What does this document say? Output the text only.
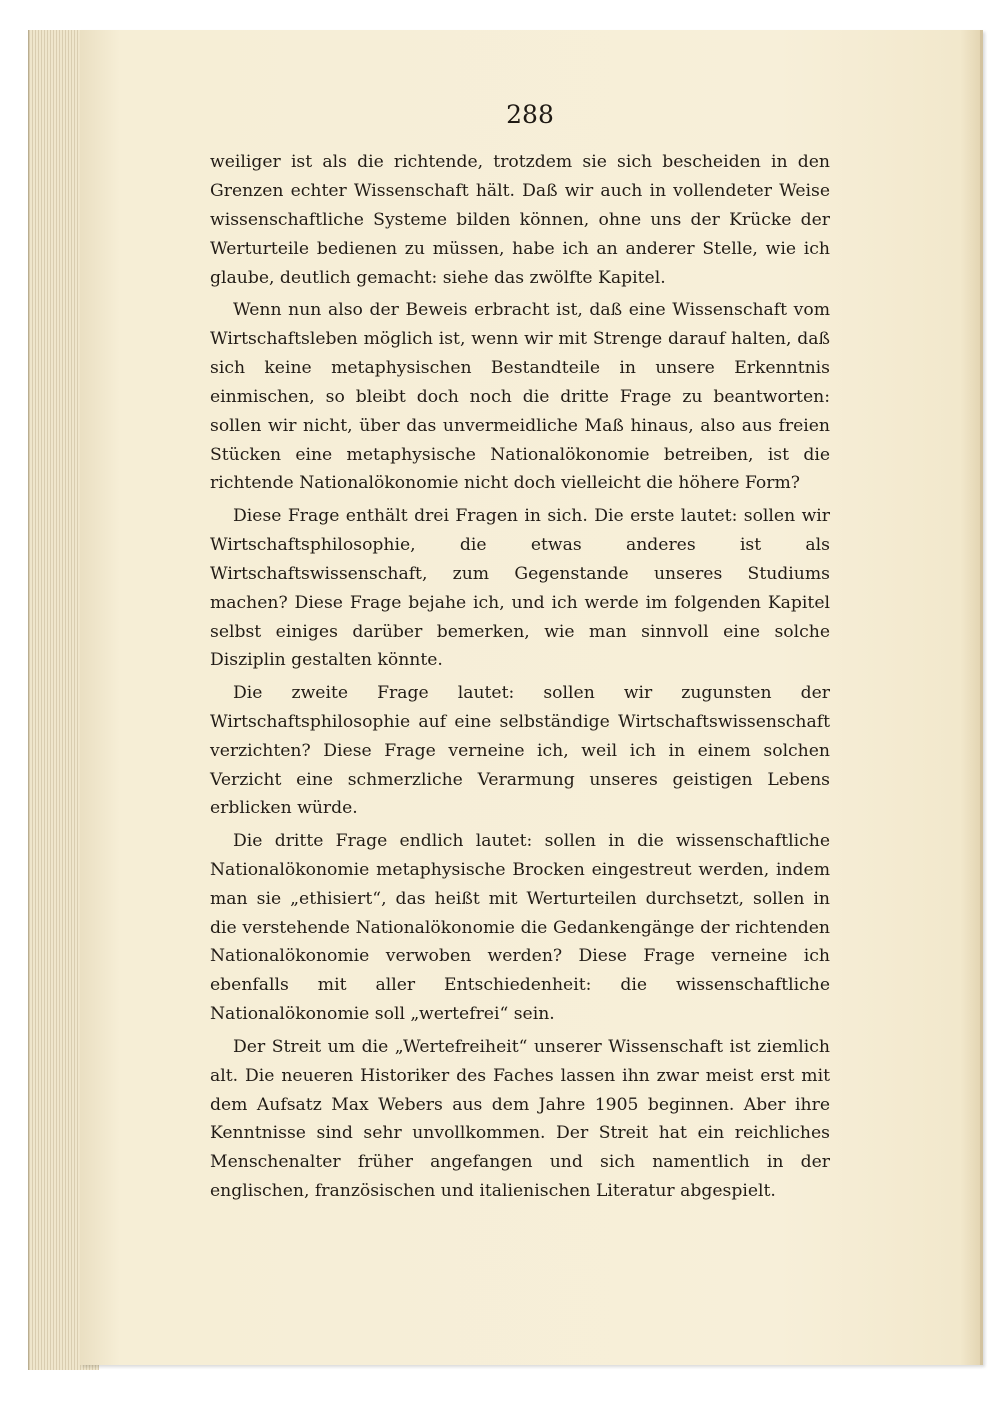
288

weiliger ist als die richtende, trotzdem sie sich bescheiden in den Grenzen echter Wissenschaft hält. Daß wir auch in vollendeter Weise wissenschaftliche Systeme bilden können, ohne uns der Krücke der Werturteile bedienen zu müssen, habe ich an anderer Stelle, wie ich glaube, deutlich gemacht: siehe das zwölfte Kapitel.

Wenn nun also der Beweis erbracht ist, daß eine Wissenschaft vom Wirtschaftsleben möglich ist, wenn wir mit Strenge darauf halten, daß sich keine metaphysischen Bestandteile in unsere Erkenntnis einmischen, so bleibt doch noch die dritte Frage zu beantworten: sollen wir nicht, über das unvermeidliche Maß hinaus, also aus freien Stücken eine metaphysische Nationalökonomie betreiben, ist die richtende Nationalökonomie nicht doch vielleicht die höhere Form?

Diese Frage enthält drei Fragen in sich. Die erste lautet: sollen wir Wirtschaftsphilosophie, die etwas anderes ist als Wirtschaftswissenschaft, zum Gegenstande unseres Studiums machen? Diese Frage bejahe ich, und ich werde im folgenden Kapitel selbst einiges darüber bemerken, wie man sinnvoll eine solche Disziplin gestalten könnte.

Die zweite Frage lautet: sollen wir zugunsten der Wirtschaftsphilosophie auf eine selbständige Wirtschaftswissenschaft verzichten? Diese Frage verneine ich, weil ich in einem solchen Verzicht eine schmerzliche Verarmung unseres geistigen Lebens erblicken würde.

Die dritte Frage endlich lautet: sollen in die wissenschaftliche Nationalökonomie metaphysische Brocken eingestreut werden, indem man sie „ethisiert“, das heißt mit Werturteilen durchsetzt, sollen in die verstehende Nationalökonomie die Gedankengänge der richtenden Nationalökonomie verwoben werden? Diese Frage verneine ich ebenfalls mit aller Entschiedenheit: die wissenschaftliche Nationalökonomie soll „wertefrei“ sein.

Der Streit um die „Wertefreiheit“ unserer Wissenschaft ist ziemlich alt. Die neueren Historiker des Faches lassen ihn zwar meist erst mit dem Aufsatz Max Webers aus dem Jahre 1905 beginnen. Aber ihre Kenntnisse sind sehr unvollkommen. Der Streit hat ein reichliches Menschenalter früher angefangen und sich namentlich in der englischen, französischen und italienischen Literatur abgespielt.
